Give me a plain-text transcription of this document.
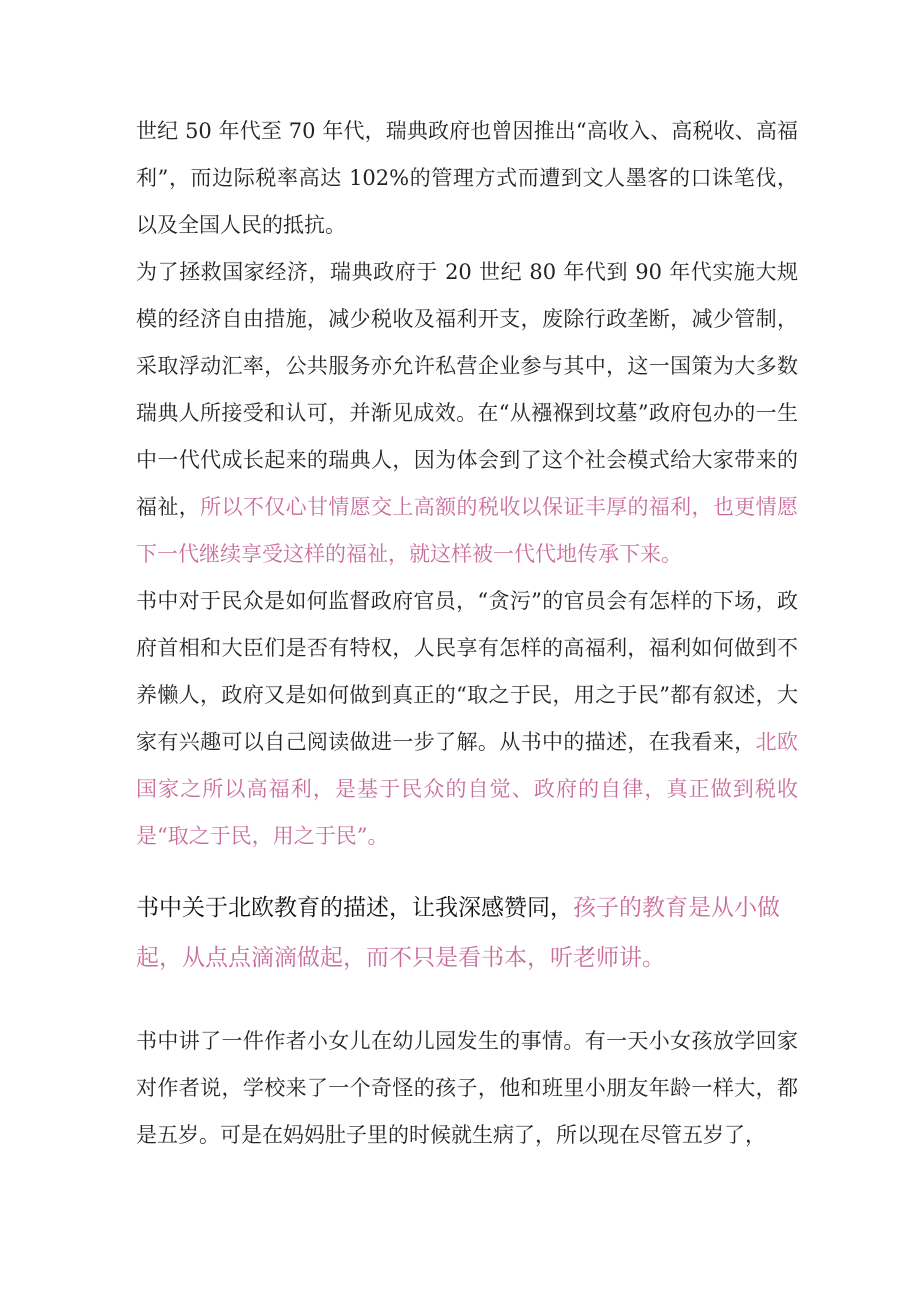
世纪 50 年代至 70 年代，瑞典政府也曾因推出“高收入、高税收、高福利”，而边际税率高达 102%的管理方式而遭到文人墨客的口诛笔伐，以及全国人民的抵抗。

为了拯救国家经济，瑞典政府于 20 世纪 80 年代到 90 年代实施大规模的经济自由措施，减少税收及福利开支，废除行政垄断，减少管制，采取浮动汇率，公共服务亦允许私营企业参与其中，这一国策为大多数瑞典人所接受和认可，并渐见成效。在“从襁褓到坟墓”政府包办的一生中一代代成长起来的瑞典人，因为体会到了这个社会模式给大家带来的福祉，所以不仅心甘情愿交上高额的税收以保证丰厚的福利，也更情愿下一代继续享受这样的福祉，就这样被一代代地传承下来。

书中对于民众是如何监督政府官员，“贪污”的官员会有怎样的下场，政府首相和大臣们是否有特权，人民享有怎样的高福利，福利如何做到不养懒人，政府又是如何做到真正的“取之于民，用之于民”都有叙述，大家有兴趣可以自己阅读做进一步了解。从书中的描述，在我看来，北欧国家之所以高福利，是基于民众的自觉、政府的自律，真正做到税收是“取之于民，用之于民”。

书中关于北欧教育的描述，让我深感赞同，孩子的教育是从小做起，从点点滴滴做起，而不只是看书本，听老师讲。

书中讲了一件作者小女儿在幼儿园发生的事情。有一天小女孩放学回家对作者说，学校来了一个奇怪的孩子，他和班里小朋友年龄一样大，都是五岁。可是在妈妈肚子里的时候就生病了，所以现在尽管五岁了，
